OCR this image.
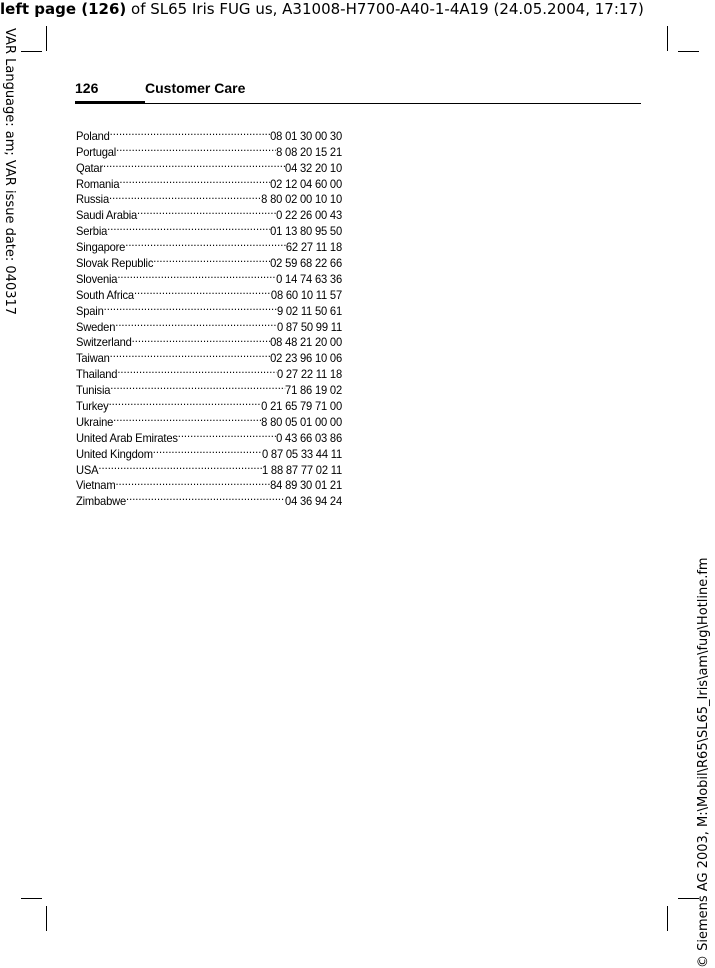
left page (126) of SL65 Iris FUG us, A31008-H7700-A40-1-4A19 (24.05.2004, 17:17)
VAR Language: am; VAR issue date: 040317
© Siemens AG 2003, M:\Mobil\R65\SL65_Iris\am\fug\Hotline.fm
126	Customer Care
Poland .....	08 01 30 00 30
Portugal .....	8 08 20 15 21
Qatar .....	04 32 20 10
Romania .....	02 12 04 60 00
Russia .....	8 80 02 00 10 10
Saudi Arabia .....	0 22 26 00 43
Serbia .....	01 13 80 95 50
Singapore .....	62 27 11 18
Slovak Republic .....	02 59 68 22 66
Slovenia .....	0 14 74 63 36
South Africa .....	08 60 10 11 57
Spain .....	9 02 11 50 61
Sweden .....	0 87 50 99 11
Switzerland .....	08 48 21 20 00
Taiwan .....	02 23 96 10 06
Thailand .....	0 27 22 11 18
Tunisia .....	71 86 19 02
Turkey .....	0 21 65 79 71 00
Ukraine .....	8 80 05 01 00 00
United Arab Emirates .....	0 43 66 03 86
United Kingdom .....	0 87 05 33 44 11
USA .....	1 88 87 77 02 11
Vietnam .....	84 89 30 01 21
Zimbabwe .....	04 36 94 24
